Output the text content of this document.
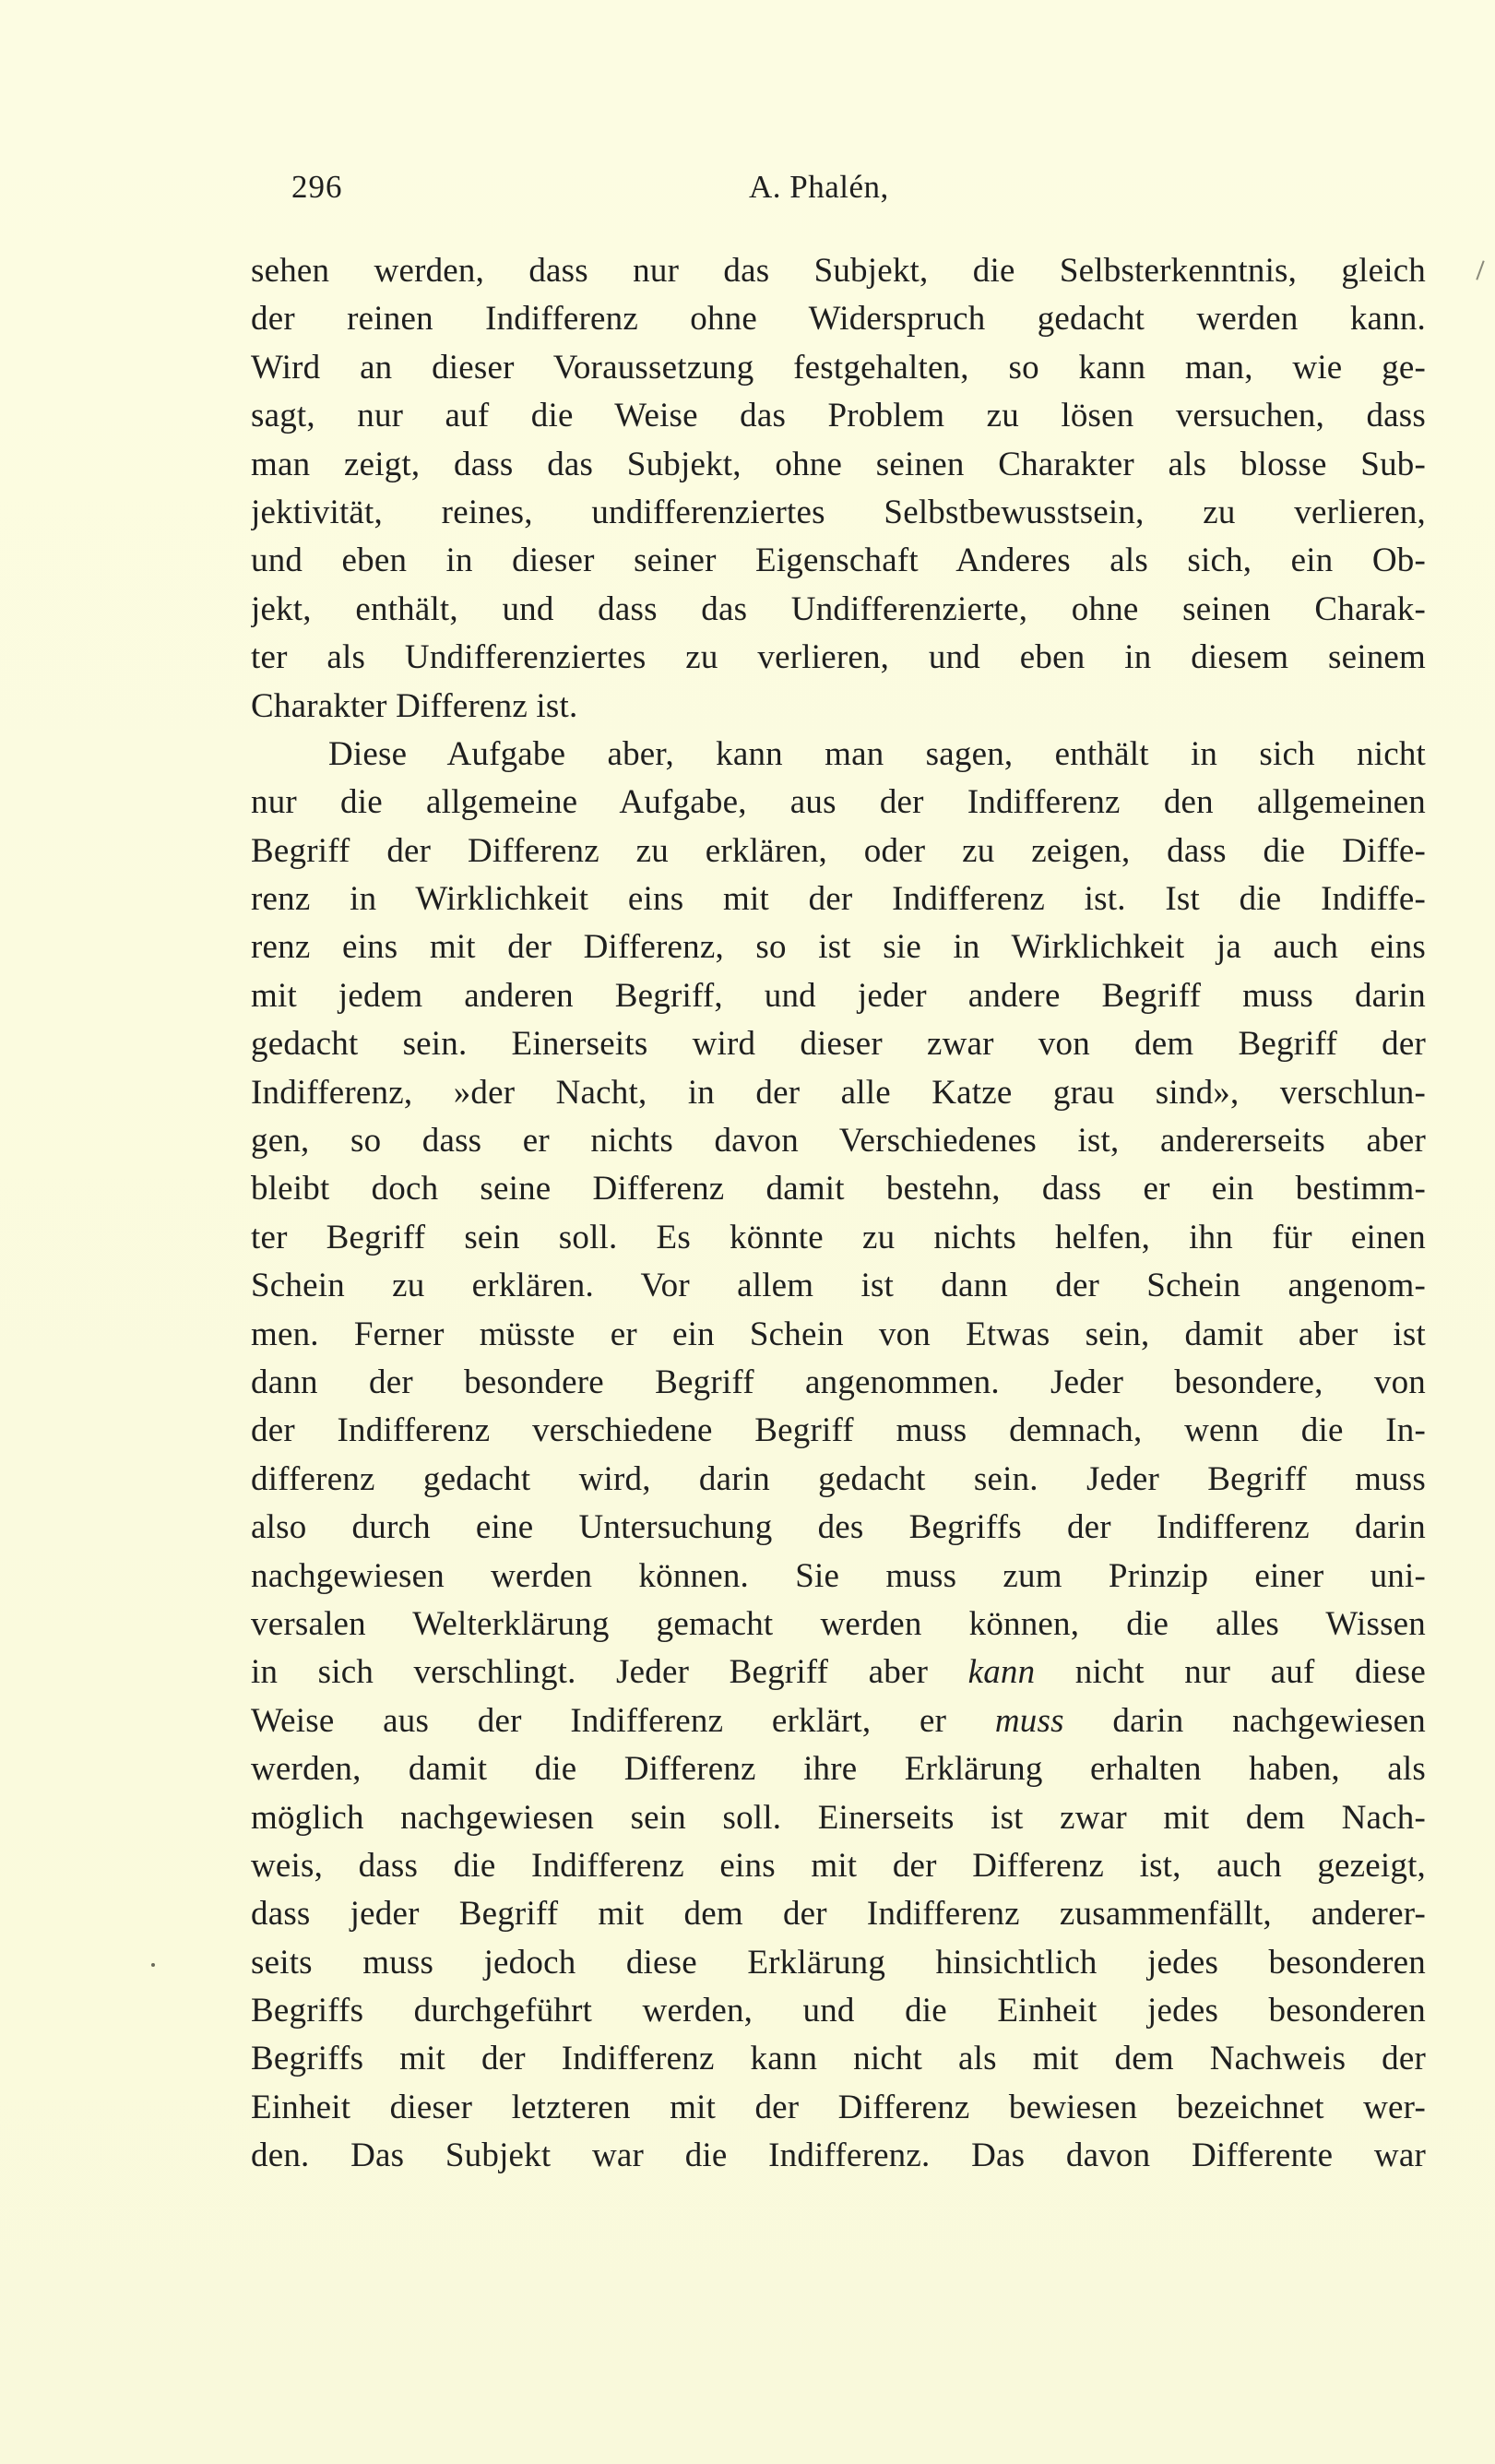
296	A. Phalén,
sehen werden, dass nur das Subjekt, die Selbsterkenntnis, gleich
der reinen Indifferenz ohne Widerspruch gedacht werden kann.
Wird an dieser Voraussetzung festgehalten, so kann man, wie ge-
sagt, nur auf die Weise das Problem zu lösen versuchen, dass
man zeigt, dass das Subjekt, ohne seinen Charakter als blosse Sub-
jektivität, reines, undifferenziertes Selbstbewusstsein, zu verlieren,
und eben in dieser seiner Eigenschaft Anderes als sich, ein Ob-
jekt, enthält, und dass das Undifferenzierte, ohne seinen Charak-
ter als Undifferenziertes zu verlieren, und eben in diesem seinem
Charakter Differenz ist.
Diese Aufgabe aber, kann man sagen, enthält in sich nicht
nur die allgemeine Aufgabe, aus der Indifferenz den allgemeinen
Begriff der Differenz zu erklären, oder zu zeigen, dass die Diffe-
renz in Wirklichkeit eins mit der Indifferenz ist. Ist die Indiffe-
renz eins mit der Differenz, so ist sie in Wirklichkeit ja auch eins
mit jedem anderen Begriff, und jeder andere Begriff muss darin
gedacht sein. Einerseits wird dieser zwar von dem Begriff der
Indifferenz, »der Nacht, in der alle Katze grau sind», verschlun-
gen, so dass er nichts davon Verschiedenes ist, andererseits aber
bleibt doch seine Differenz damit bestehn, dass er ein bestimm-
ter Begriff sein soll. Es könnte zu nichts helfen, ihn für einen
Schein zu erklären. Vor allem ist dann der Schein angenom-
men. Ferner müsste er ein Schein von Etwas sein, damit aber ist
dann der besondere Begriff angenommen. Jeder besondere, von
der Indifferenz verschiedene Begriff muss demnach, wenn die In-
differenz gedacht wird, darin gedacht sein. Jeder Begriff muss
also durch eine Untersuchung des Begriffs der Indifferenz darin
nachgewiesen werden können. Sie muss zum Prinzip einer uni-
versalen Welterklärung gemacht werden können, die alles Wissen
in sich verschlingt. Jeder Begriff aber kann nicht nur auf diese
Weise aus der Indifferenz erklärt, er muss darin nachgewiesen
werden, damit die Differenz ihre Erklärung erhalten haben, als
möglich nachgewiesen sein soll. Einerseits ist zwar mit dem Nach-
weis, dass die Indifferenz eins mit der Differenz ist, auch gezeigt,
dass jeder Begriff mit dem der Indifferenz zusammenfällt, anderer-
seits muss jedoch diese Erklärung hinsichtlich jedes besonderen
Begriffs durchgeführt werden, und die Einheit jedes besonderen
Begriffs mit der Indifferenz kann nicht als mit dem Nachweis der
Einheit dieser letzteren mit der Differenz bewiesen bezeichnet wer-
den. Das Subjekt war die Indifferenz. Das davon Differente war
